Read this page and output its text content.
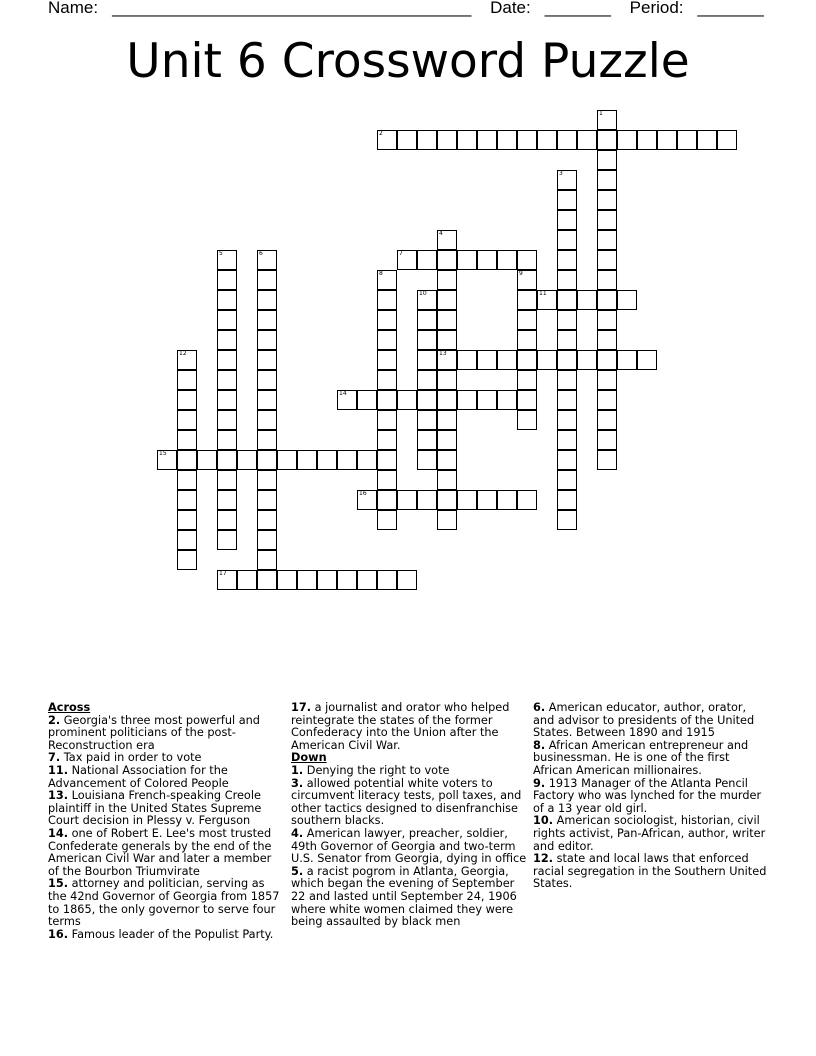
Name: ______________________________________ Date: _______ Period: _______
Unit 6 Crossword Puzzle
1
2
3
4
13
5	6	7
8	9
10	11
12
14
15
16
17

Across

2. Georgia's three most powerful and prominent politicians of the post-Reconstruction era

7. Tax paid in order to vote

11. National Association for the Advancement of Colored People

13. Louisiana French-speaking Creole plaintiff in the United States Supreme Court decision in Plessy v. Ferguson

14. one of Robert E. Lee's most trusted Confederate generals by the end of the American Civil War and later a member of the Bourbon Triumvirate

15. attorney and politician, serving as the 42nd Governor of Georgia from 1857 to 1865, the only governor to serve four terms

16. Famous leader of the Populist Party.

17. a journalist and orator who helped reintegrate the states of the former Confederacy into the Union after the American Civil War.

Down

1. Denying the right to vote

3. allowed potential white voters to circumvent literacy tests, poll taxes, and other tactics designed to disenfranchise southern blacks.

4. American lawyer, preacher, soldier, 49th Governor of Georgia and two-term U.S. Senator from Georgia, dying in office

5. a racist pogrom in Atlanta, Georgia, which began the evening of September 22 and lasted until September 24, 1906 where white women claimed they were being assaulted by black men

6. American educator, author, orator, and advisor to presidents of the United States. Between 1890 and 1915

8. African American entrepreneur and businessman. He is one of the first African American millionaires.

9. 1913 Manager of the Atlanta Pencil Factory who was lynched for the murder of a 13 year old girl.

10. American sociologist, historian, civil rights activist, Pan-African, author, writer and editor.

12. state and local laws that enforced racial segregation in the Southern United States.
